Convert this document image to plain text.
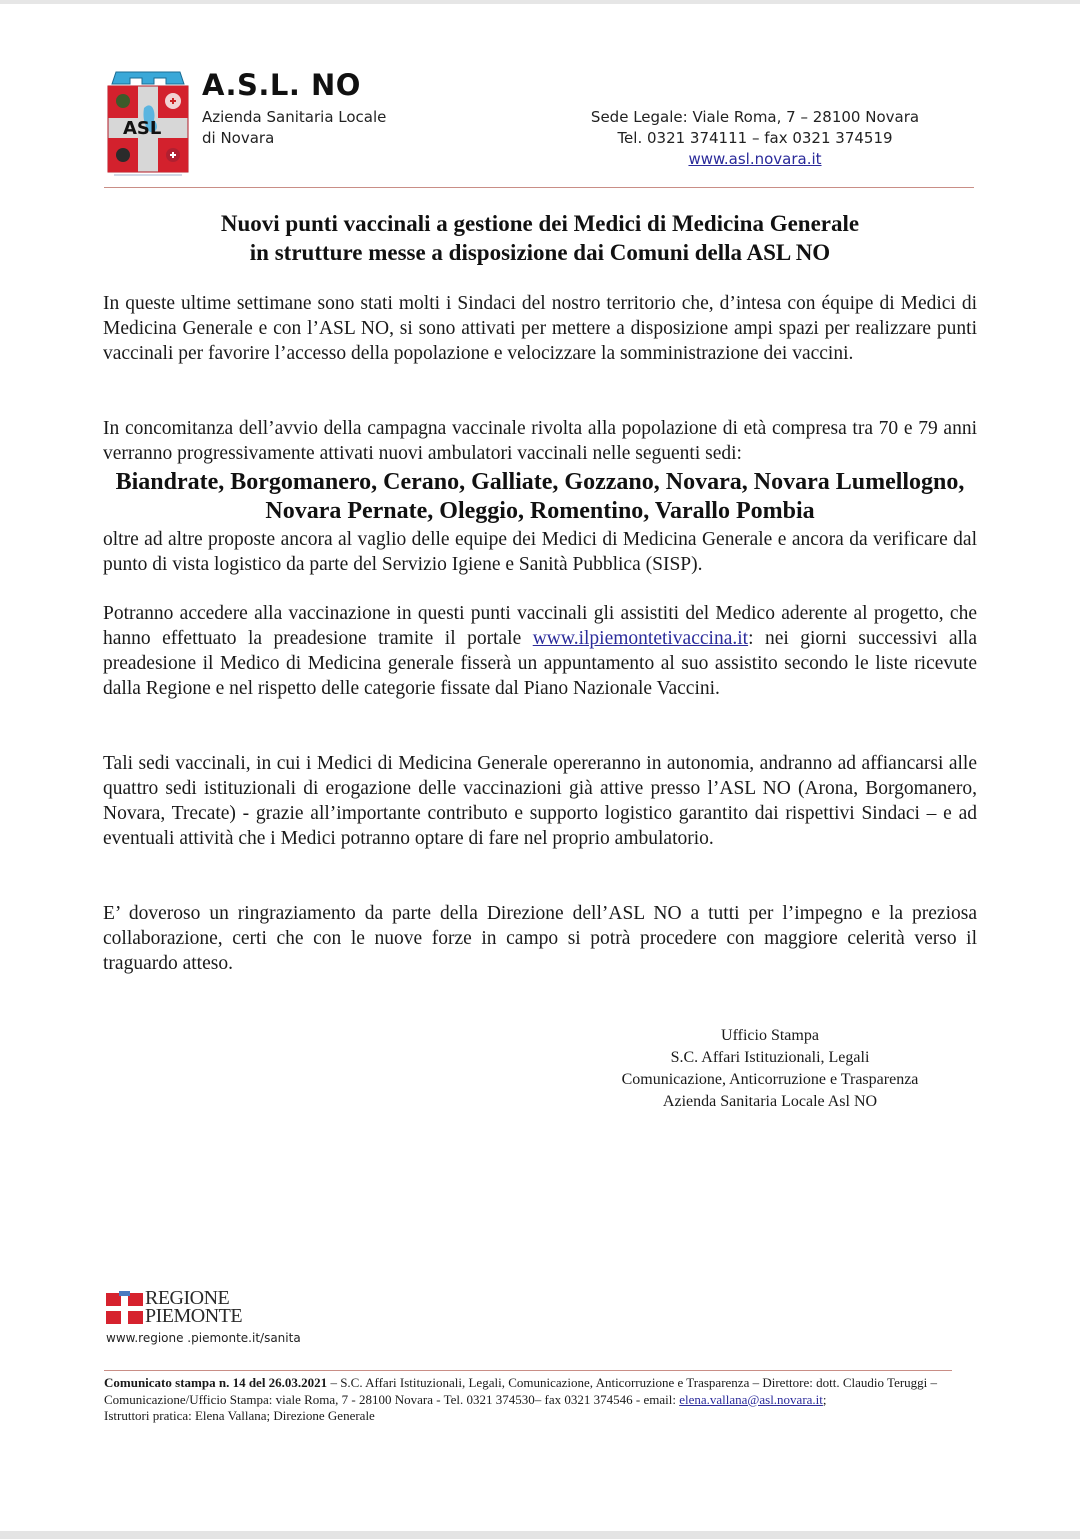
ASL
A.S.L. NO
Azienda Sanitaria Locale
di Novara
Sede Legale: Viale Roma, 7 – 28100 Novara
Tel. 0321 374111 – fax 0321 374519
www.asl.novara.it
Nuovi punti vaccinali a gestione dei Medici di Medicina Generale
in strutture messe a disposizione dai Comuni della ASL NO
In queste ultime settimane sono stati molti i Sindaci del nostro territorio che, d’intesa con équipe di Medici di Medicina Generale e con l’ASL NO, si sono attivati per mettere a disposizione ampi spazi per realizzare punti vaccinali per favorire l’accesso della popolazione e velocizzare la somministrazione dei vaccini.
In concomitanza dell’avvio della campagna vaccinale rivolta alla popolazione di età compresa tra 70 e 79 anni verranno progressivamente attivati nuovi ambulatori vaccinali nelle seguenti sedi:
Biandrate, Borgomanero, Cerano, Galliate, Gozzano, Novara, Novara Lumellogno, Novara Pernate, Oleggio, Romentino, Varallo Pombia
oltre ad altre proposte ancora al vaglio delle equipe dei Medici di Medicina Generale e ancora da verificare dal punto di vista logistico da parte del Servizio Igiene e Sanità Pubblica (SISP).
Potranno accedere alla vaccinazione in questi punti vaccinali gli assistiti del Medico aderente al progetto, che hanno effettuato la preadesione tramite il portale www.ilpiemontetivaccina.it: nei giorni successivi alla preadesione il Medico di Medicina generale fisserà un appuntamento al suo assistito secondo le liste ricevute dalla Regione e nel rispetto delle categorie fissate dal Piano Nazionale Vaccini.
Tali sedi vaccinali, in cui i Medici di Medicina Generale opereranno in autonomia, andranno ad affiancarsi alle quattro sedi istituzionali di erogazione delle vaccinazioni già attive presso l’ASL NO (Arona, Borgomanero, Novara, Trecate) - grazie all’importante contributo e supporto logistico garantito dai rispettivi Sindaci – e ad eventuali attività che i Medici potranno optare di fare nel proprio ambulatorio.
E’ doveroso un ringraziamento da parte della Direzione dell’ASL NO a tutti per l’impegno e la preziosa collaborazione, certi che con le nuove forze in campo si potrà procedere con maggiore celerità verso il traguardo atteso.
Ufficio Stampa
S.C. Affari Istituzionali, Legali
Comunicazione, Anticorruzione e Trasparenza
Azienda Sanitaria Locale Asl NO
REGIONE
PIEMONTE
www.regione .piemonte.it/sanita
Comunicato stampa n. 14 del 26.03.2021 – S.C. Affari Istituzionali, Legali, Comunicazione, Anticorruzione e Trasparenza – Direttore: dott. Claudio Teruggi –Comunicazione/Ufficio Stampa: viale Roma, 7 - 28100 Novara - Tel. 0321 374530– fax 0321 374546 - email: elena.vallana@asl.novara.it;
Istruttori pratica: Elena Vallana; Direzione Generale
